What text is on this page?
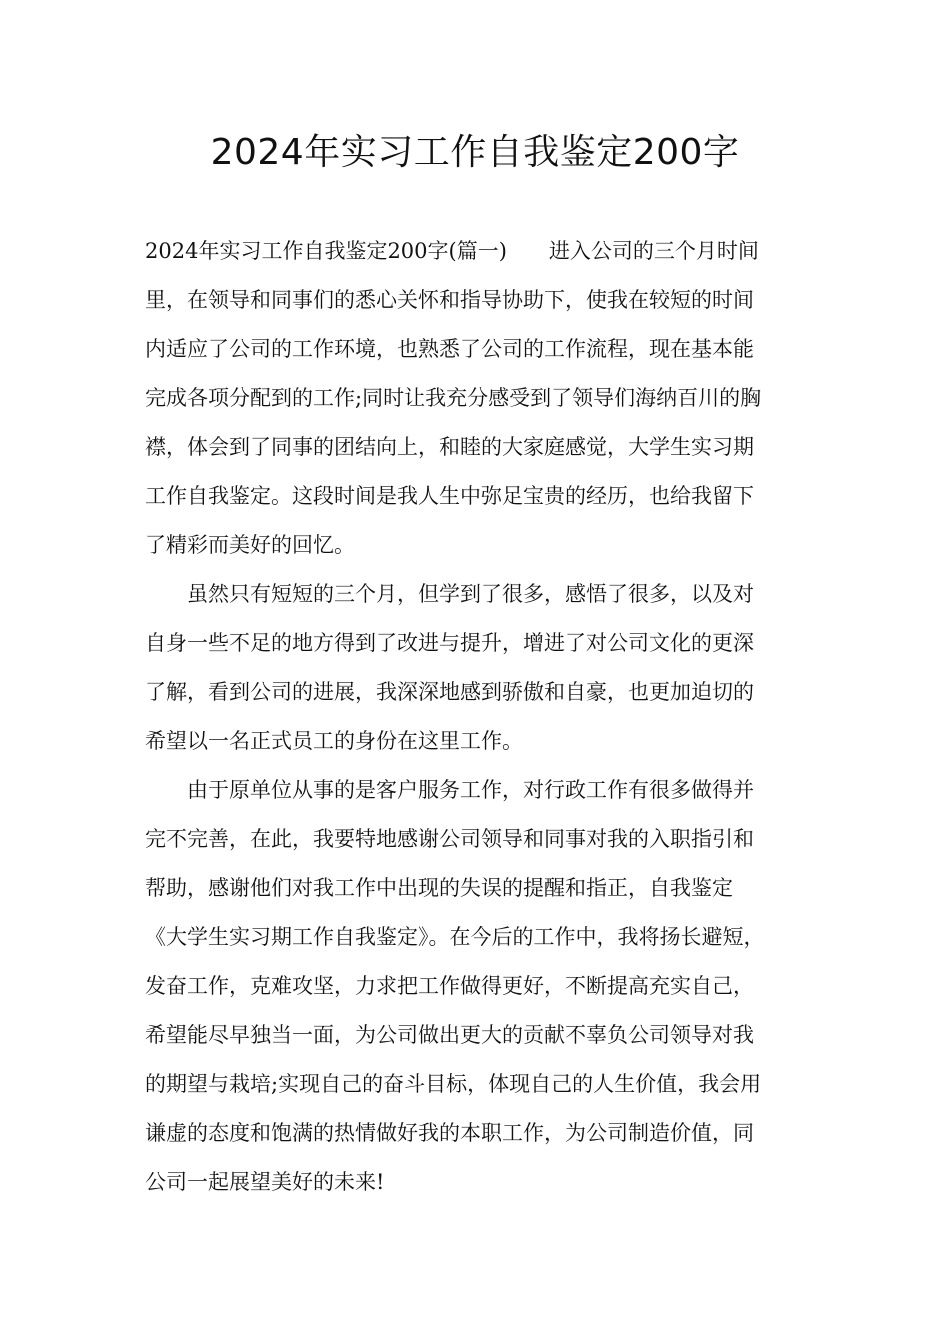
2024年实习工作自我鉴定200字
2024年实习工作自我鉴定200字(篇一)　　进入公司的三个月时间
里，在领导和同事们的悉心关怀和指导协助下，使我在较短的时间
内适应了公司的工作环境，也熟悉了公司的工作流程，现在基本能
完成各项分配到的工作;同时让我充分感受到了领导们海纳百川的胸
襟，体会到了同事的团结向上，和睦的大家庭感觉，大学生实习期
工作自我鉴定。这段时间是我人生中弥足宝贵的经历，也给我留下
了精彩而美好的回忆。
　　虽然只有短短的三个月，但学到了很多，感悟了很多，以及对
自身一些不足的地方得到了改进与提升，增进了对公司文化的更深
了解，看到公司的进展，我深深地感到骄傲和自豪，也更加迫切的
希望以一名正式员工的身份在这里工作。
　　由于原单位从事的是客户服务工作，对行政工作有很多做得并
完不完善，在此，我要特地感谢公司领导和同事对我的入职指引和
帮助，感谢他们对我工作中出现的失误的提醒和指正，自我鉴定
《大学生实习期工作自我鉴定》。在今后的工作中，我将扬长避短，
发奋工作，克难攻坚，力求把工作做得更好，不断提高充实自己，
希望能尽早独当一面，为公司做出更大的贡献不辜负公司领导对我
的期望与栽培;实现自己的奋斗目标，体现自己的人生价值，我会用
谦虚的态度和饱满的热情做好我的本职工作，为公司制造价值，同
公司一起展望美好的未来!
